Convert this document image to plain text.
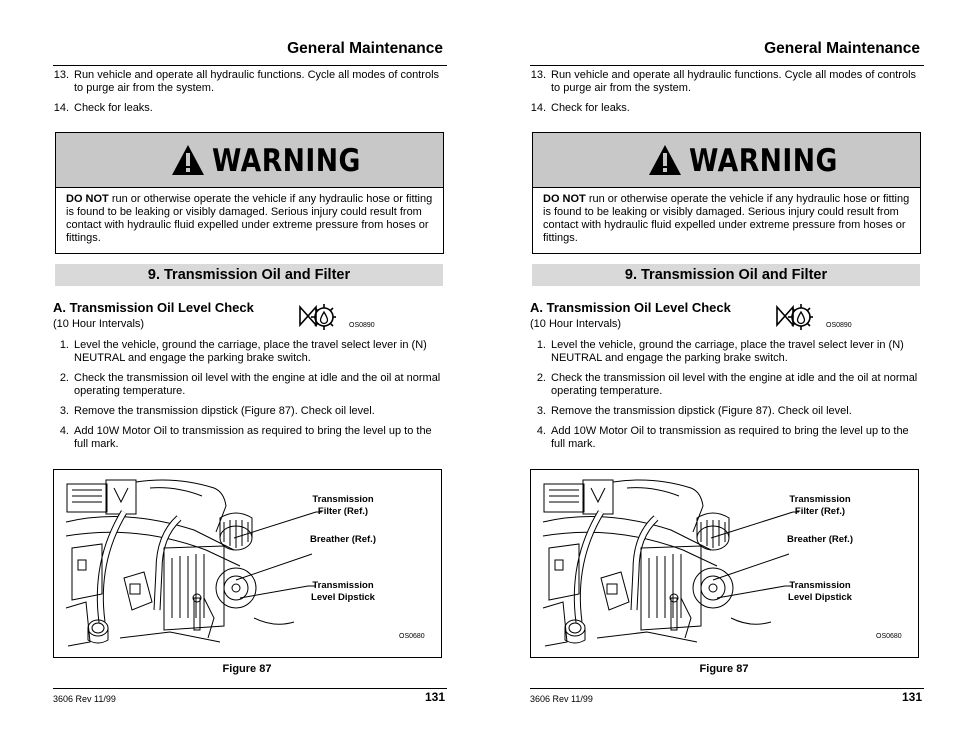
General Maintenance
13. Run vehicle and operate all hydraulic functions. Cycle all modes of controls to purge air from the system.
14. Check for leaks.
WARNING
DO NOT run or otherwise operate the vehicle if any hydraulic hose or fitting is found to be leaking or visibly damaged. Serious injury could result from contact with hydraulic fluid expelled under extreme pressure from hoses or fittings.
9. Transmission Oil and Filter
A. Transmission Oil Level Check
(10 Hour Intervals)	OS0890
1. Level the vehicle, ground the carriage, place the travel select lever in (N) NEUTRAL and engage the parking brake switch.
2. Check the transmission oil level with the engine at idle and the oil at normal operating temperature.
3. Remove the transmission dipstick (Figure 87). Check oil level.
4. Add 10W Motor Oil to transmission as required to bring the level up to the full mark.
Transmission Filter (Ref.)
Breather (Ref.)
Transmission Level Dipstick
OS0680
Figure 87
3606 Rev 11/99	131
General Maintenance
13. Run vehicle and operate all hydraulic functions. Cycle all modes of controls to purge air from the system.
14. Check for leaks.
WARNING
DO NOT run or otherwise operate the vehicle if any hydraulic hose or fitting is found to be leaking or visibly damaged. Serious injury could result from contact with hydraulic fluid expelled under extreme pressure from hoses or fittings.
9. Transmission Oil and Filter
A. Transmission Oil Level Check
(10 Hour Intervals)	OS0890
1. Level the vehicle, ground the carriage, place the travel select lever in (N) NEUTRAL and engage the parking brake switch.
2. Check the transmission oil level with the engine at idle and the oil at normal operating temperature.
3. Remove the transmission dipstick (Figure 87). Check oil level.
4. Add 10W Motor Oil to transmission as required to bring the level up to the full mark.
Transmission Filter (Ref.)
Breather (Ref.)
Transmission Level Dipstick
OS0680
Figure 87
3606 Rev 11/99	131
